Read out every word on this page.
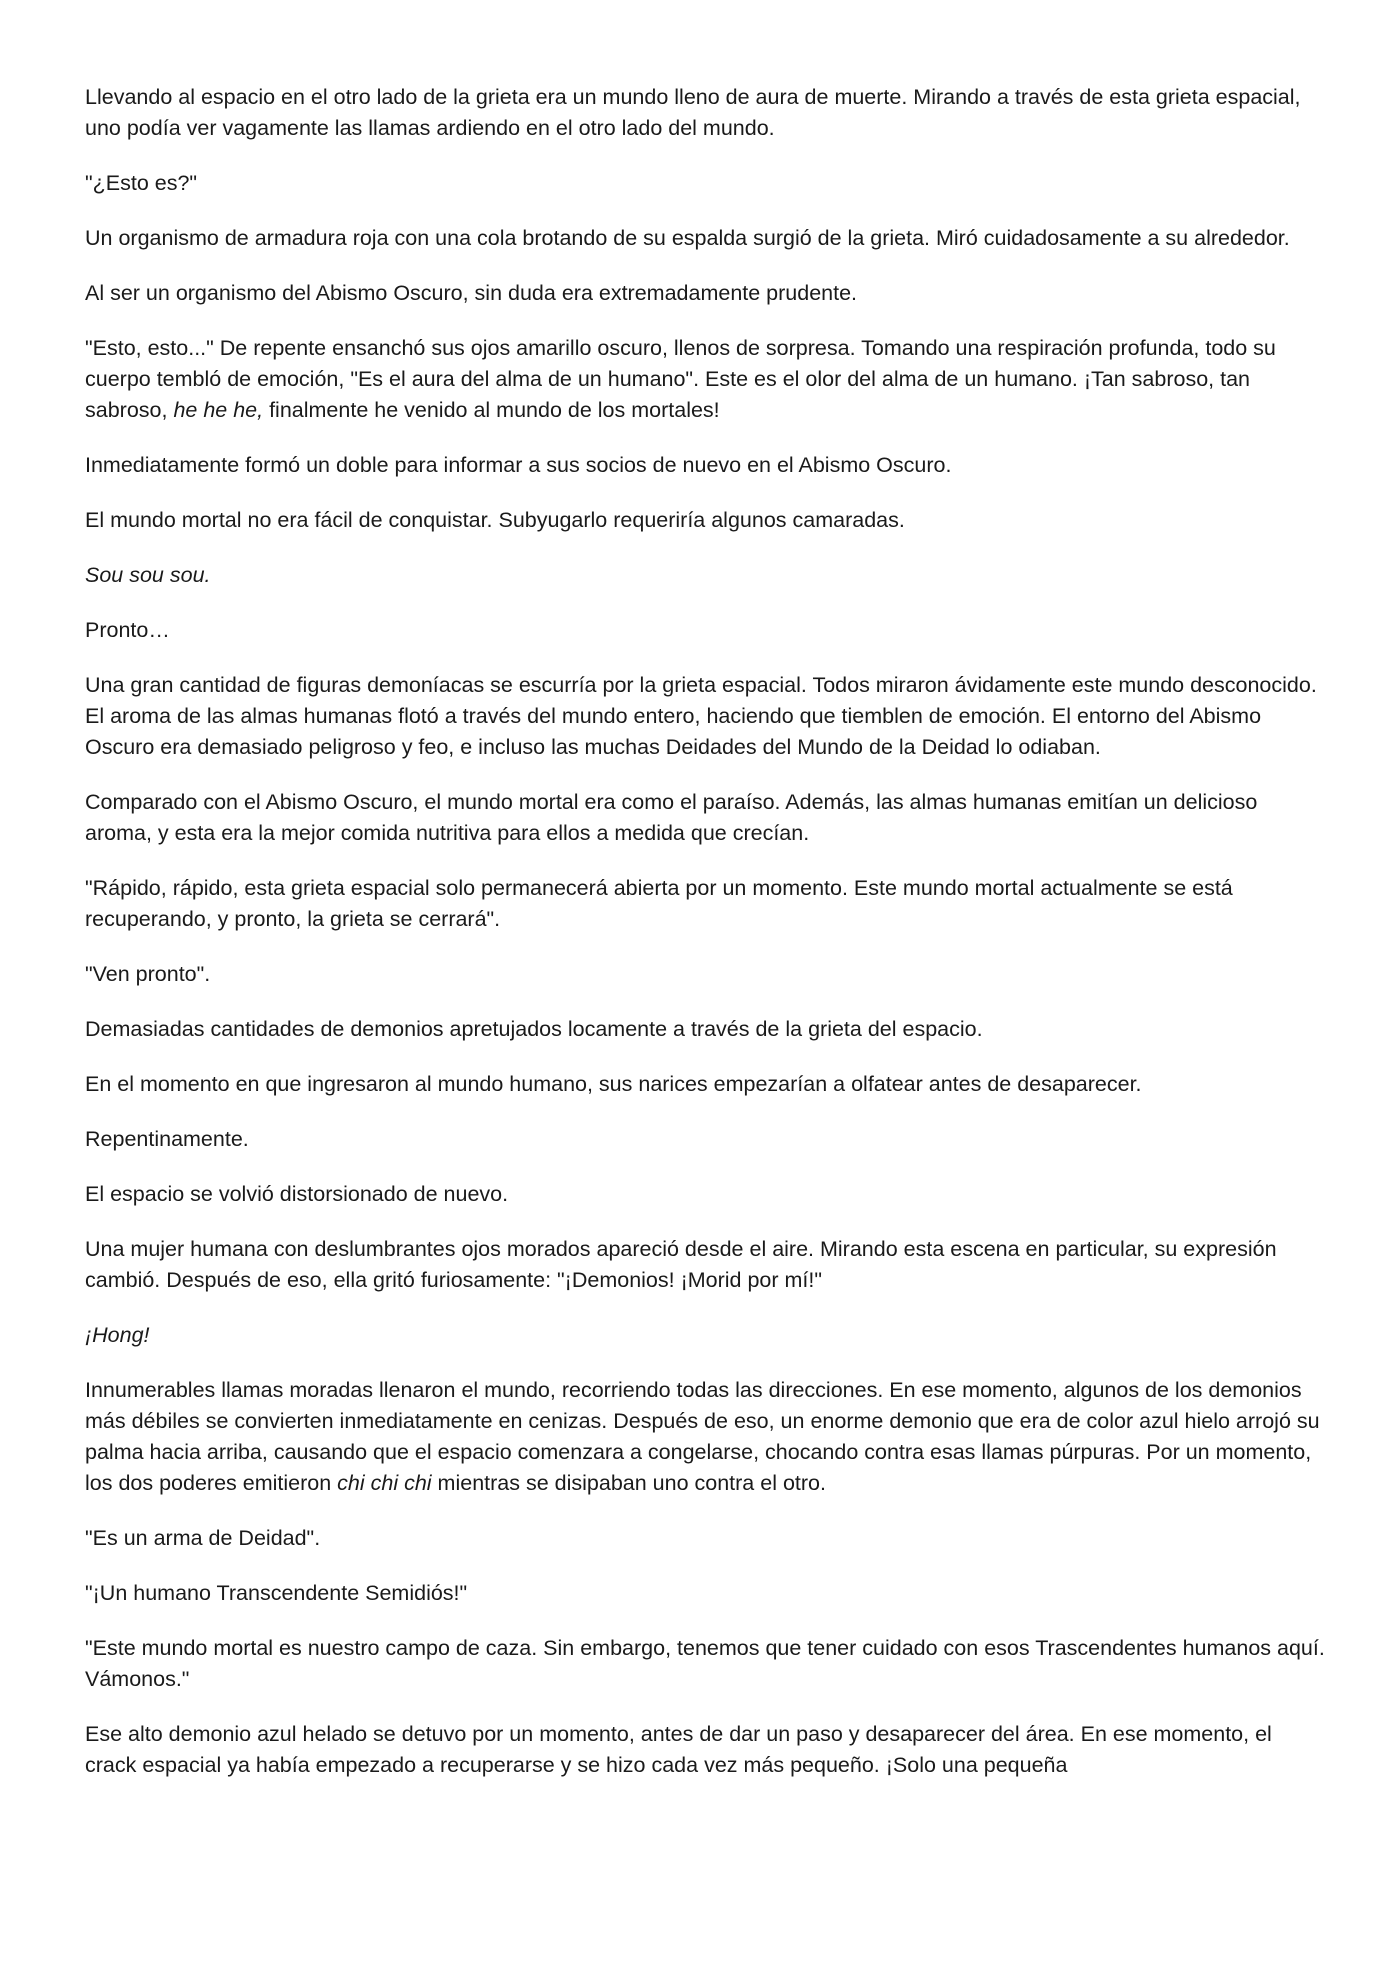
Llevando al espacio en el otro lado de la grieta era un mundo lleno de aura de muerte. Mirando a través de esta grieta espacial, uno podía ver vagamente las llamas ardiendo en el otro lado del mundo.

"¿Esto es?"

Un organismo de armadura roja con una cola brotando de su espalda surgió de la grieta. Miró cuidadosamente a su alrededor.

Al ser un organismo del Abismo Oscuro, sin duda era extremadamente prudente.

"Esto, esto..." De repente ensanchó sus ojos amarillo oscuro, llenos de sorpresa. Tomando una respiración profunda, todo su cuerpo tembló de emoción, "Es el aura del alma de un humano". Este es el olor del alma de un humano. ¡Tan sabroso, tan sabroso, he he he, finalmente he venido al mundo de los mortales!

Inmediatamente formó un doble para informar a sus socios de nuevo en el Abismo Oscuro.

El mundo mortal no era fácil de conquistar. Subyugarlo requeriría algunos camaradas.

Sou sou sou.

Pronto…

Una gran cantidad de figuras demoníacas se escurría por la grieta espacial. Todos miraron ávidamente este mundo desconocido. El aroma de las almas humanas flotó a través del mundo entero, haciendo que tiemblen de emoción. El entorno del Abismo Oscuro era demasiado peligroso y feo, e incluso las muchas Deidades del Mundo de la Deidad lo odiaban.

Comparado con el Abismo Oscuro, el mundo mortal era como el paraíso. Además, las almas humanas emitían un delicioso aroma, y esta era la mejor comida nutritiva para ellos a medida que crecían.

"Rápido, rápido, esta grieta espacial solo permanecerá abierta por un momento. Este mundo mortal actualmente se está recuperando, y pronto, la grieta se cerrará".

"Ven pronto".

Demasiadas cantidades de demonios apretujados locamente a través de la grieta del espacio.

En el momento en que ingresaron al mundo humano, sus narices empezarían a olfatear antes de desaparecer.

Repentinamente.

El espacio se volvió distorsionado de nuevo.

Una mujer humana con deslumbrantes ojos morados apareció desde el aire. Mirando esta escena en particular, su expresión cambió. Después de eso, ella gritó furiosamente: "¡Demonios! ¡Morid por mí!"

¡Hong!

Innumerables llamas moradas llenaron el mundo, recorriendo todas las direcciones. En ese momento, algunos de los demonios más débiles se convierten inmediatamente en cenizas. Después de eso, un enorme demonio que era de color azul hielo arrojó su palma hacia arriba, causando que el espacio comenzara a congelarse, chocando contra esas llamas púrpuras. Por un momento, los dos poderes emitieron chi chi chi mientras se disipaban uno contra el otro.

"Es un arma de Deidad".

"¡Un humano Transcendente Semidiós!"

"Este mundo mortal es nuestro campo de caza. Sin embargo, tenemos que tener cuidado con esos Trascendentes humanos aquí. Vámonos."

Ese alto demonio azul helado se detuvo por un momento, antes de dar un paso y desaparecer del área. En ese momento, el crack espacial ya había empezado a recuperarse y se hizo cada vez más pequeño. ¡Solo una pequeña
